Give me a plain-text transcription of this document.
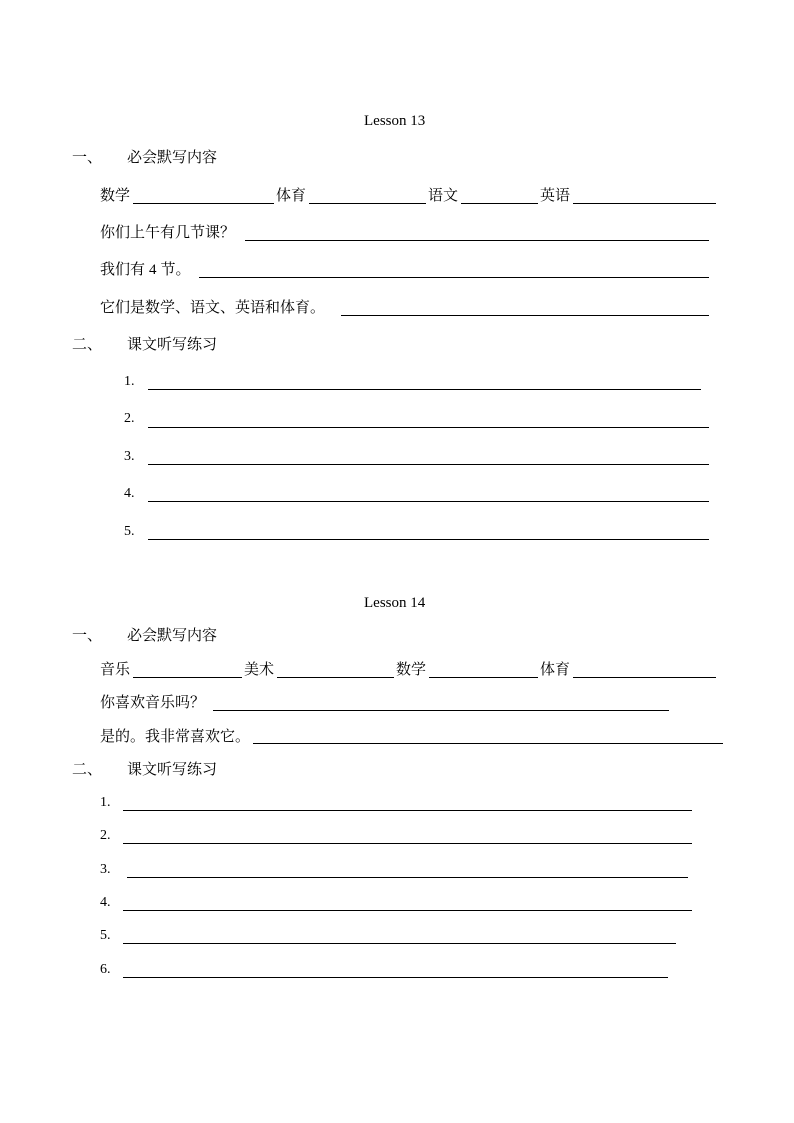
Lesson 13
一、 必会默写内容
数学	体育	语文	英语
你们上午有几节课？
我们有 4 节。
它们是数学、语文、英语和体育。
二、 课文听写练习
1.
2.
3.
4.
5.
Lesson 14
一、 必会默写内容
音乐	美术	数学	体育
你喜欢音乐吗？
是的。我非常喜欢它。
二、 课文听写练习
1.
2.
3.
4.
5.
6.
